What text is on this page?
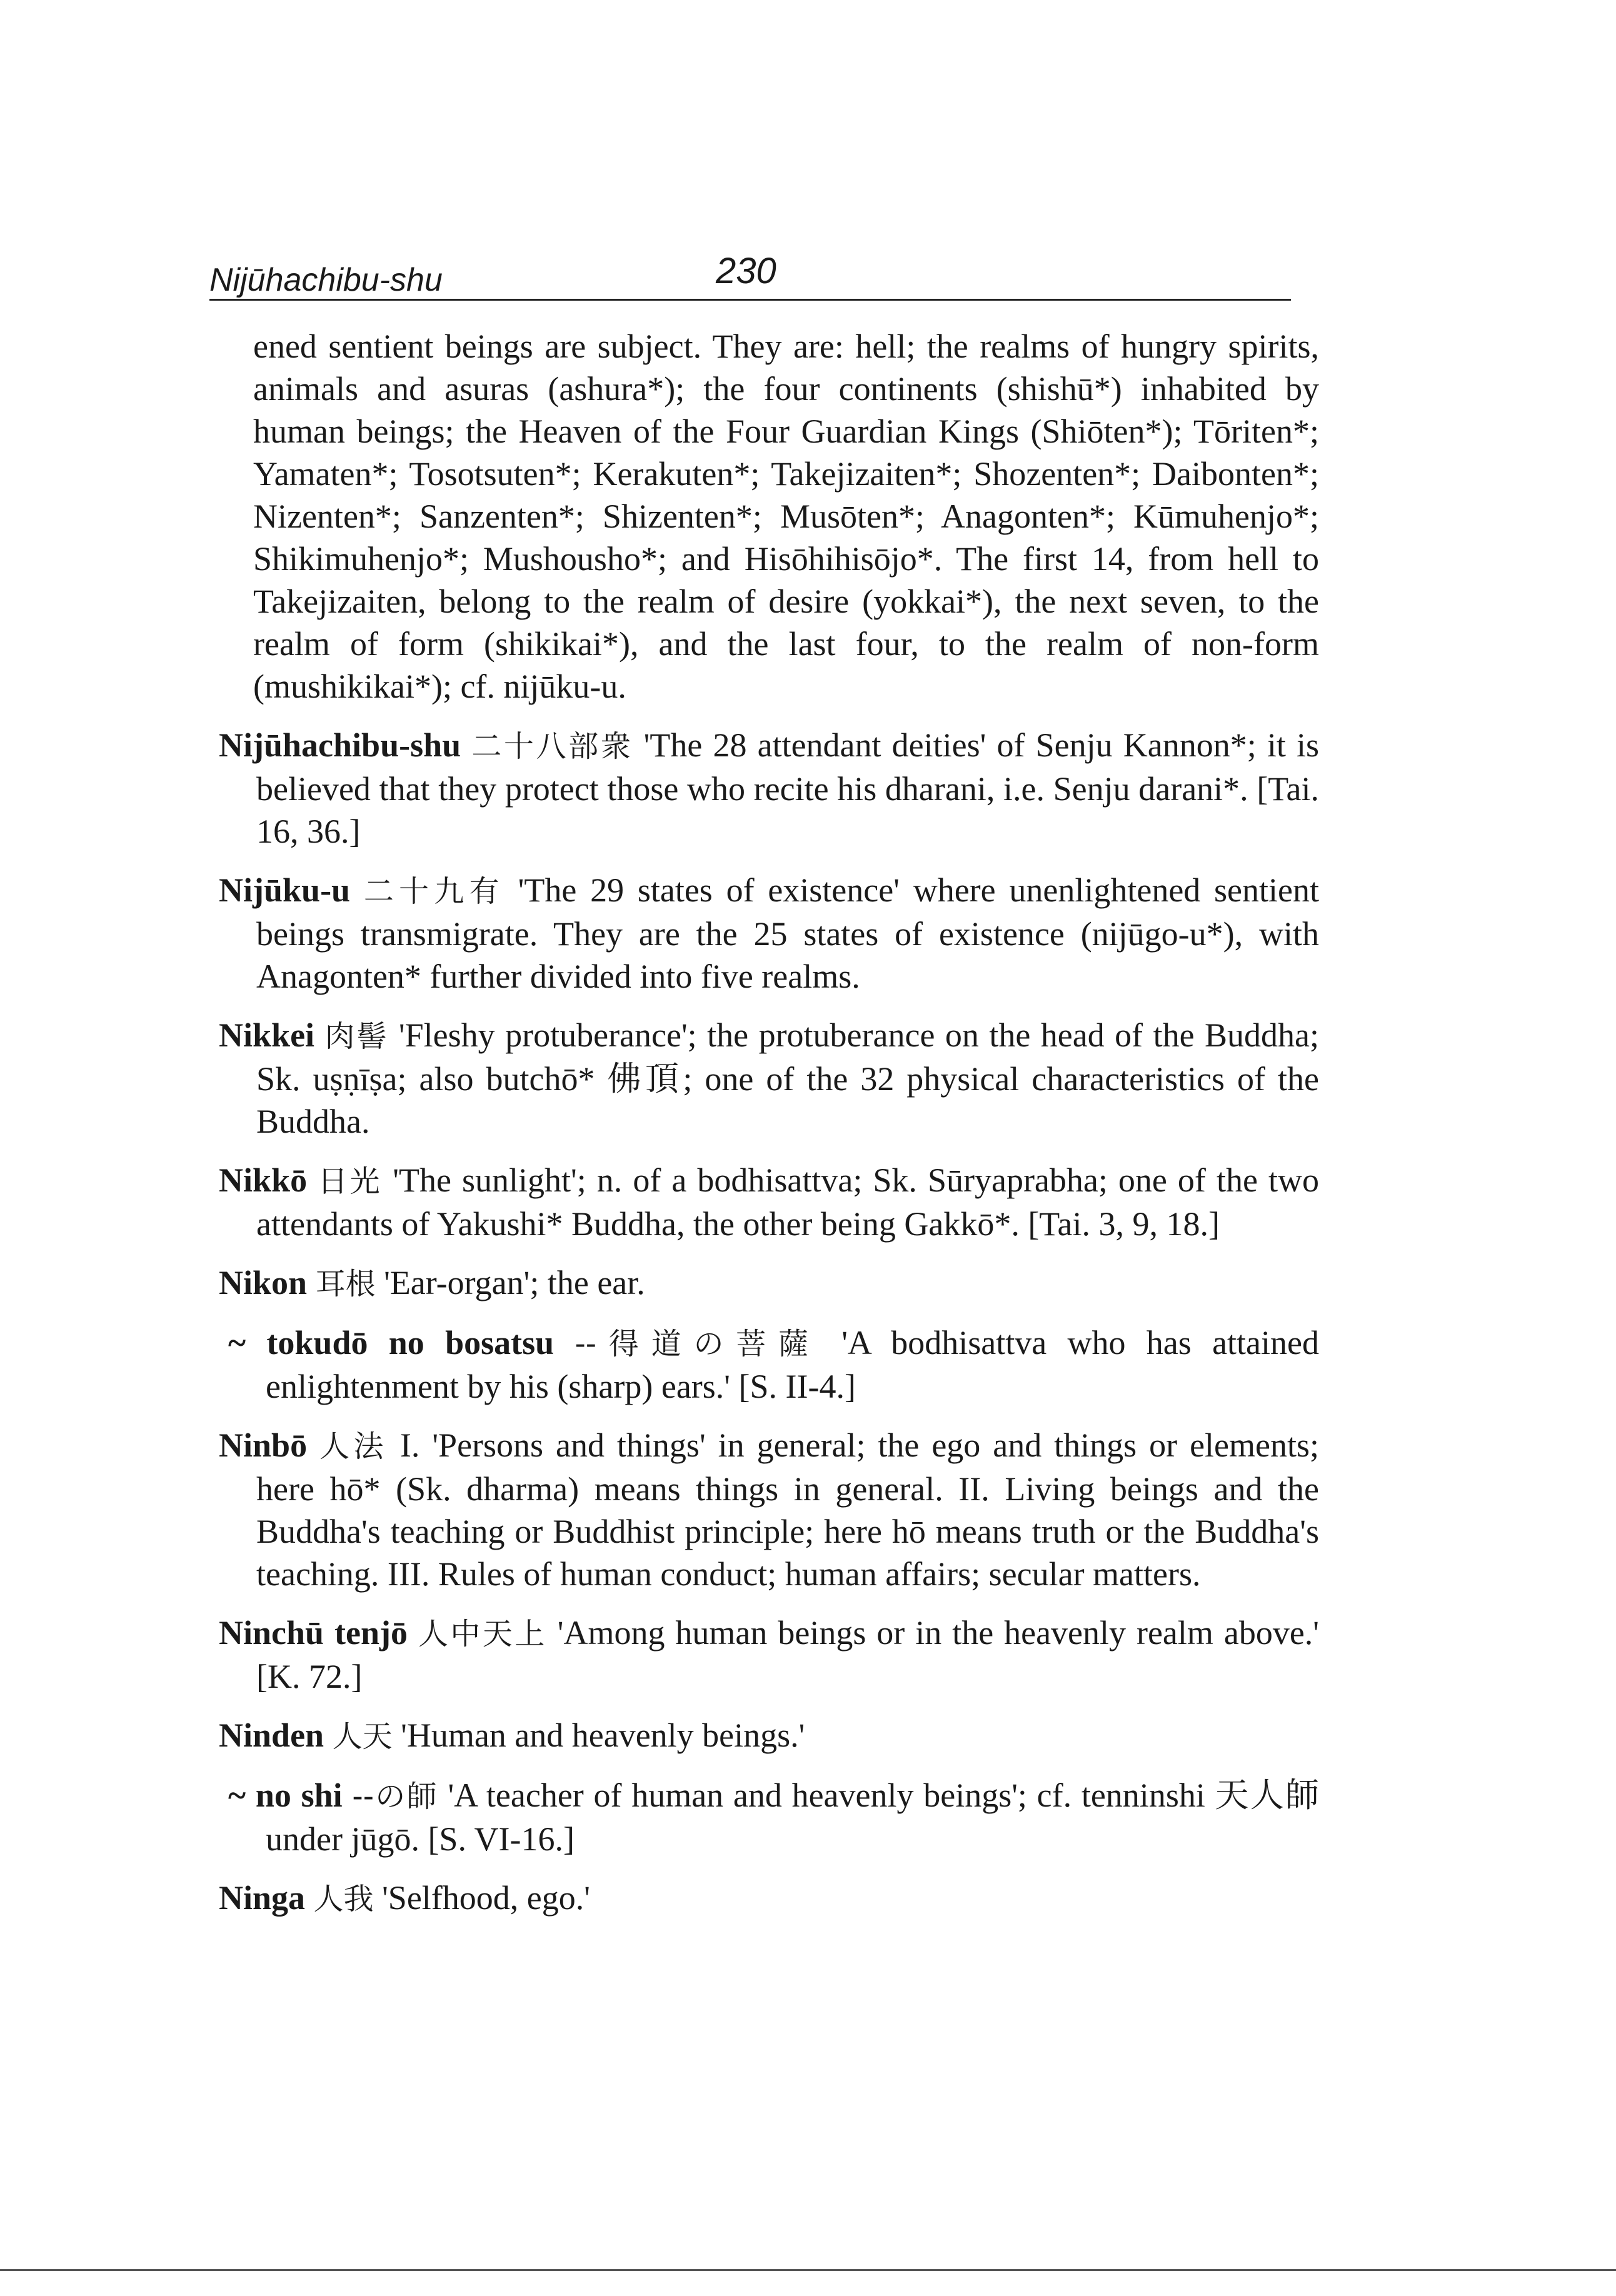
Nijūhachibu-shu	230
ened sentient beings are subject. They are: hell; the realms of hungry spirits, animals and asuras (ashura*); the four continents (shishū*) inhabited by human beings; the Heaven of the Four Guardian Kings (Shiōten*); Tōriten*; Yamaten*; Tosotsuten*; Kerakuten*; Takejizaiten*; Shozenten*; Daibonten*; Nizenten*; Sanzenten*; Shizenten*; Musōten*; Anagonten*; Kūmuhenjo*; Shikimuhenjo*; Mushousho*; and Hisōhihisōjo*. The first 14, from hell to Takejizaiten, belong to the realm of desire (yokkai*), the next seven, to the realm of form (shikikai*), and the last four, to the realm of non-form (mushikikai*); cf. nijūku-u.
Nijūhachibu-shu 二十八部衆 'The 28 attendant deities' of Senju Kannon*; it is believed that they protect those who recite his dharani, i.e. Senju darani*. [Tai. 16, 36.]
Nijūku-u 二十九有 'The 29 states of existence' where unenlightened sentient beings transmigrate. They are the 25 states of existence (nijūgo-u*), with Anagonten* further divided into five realms.
Nikkei 肉髻 'Fleshy protuberance'; the protuberance on the head of the Buddha; Sk. uṣṇīṣa; also butchō* 佛頂; one of the 32 physical characteristics of the Buddha.
Nikkō 日光 'The sunlight'; n. of a bodhisattva; Sk. Sūryaprabha; one of the two attendants of Yakushi* Buddha, the other being Gakkō*. [Tai. 3, 9, 18.]
Nikon 耳根 'Ear-organ'; the ear.
~ tokudō no bosatsu --得道の菩薩 'A bodhisattva who has attained enlightenment by his (sharp) ears.' [S. II-4.]
Ninbō 人法 I. 'Persons and things' in general; the ego and things or elements; here hō* (Sk. dharma) means things in general. II. Living beings and the Buddha's teaching or Buddhist principle; here hō means truth or the Buddha's teaching. III. Rules of human conduct; human affairs; secular matters.
Ninchū tenjō 人中天上 'Among human beings or in the heavenly realm above.' [K. 72.]
Ninden 人天 'Human and heavenly beings.'
~ no shi --の師 'A teacher of human and heavenly beings'; cf. tenninshi 天人師 under jūgō. [S. VI-16.]
Ninga 人我 'Selfhood, ego.'
